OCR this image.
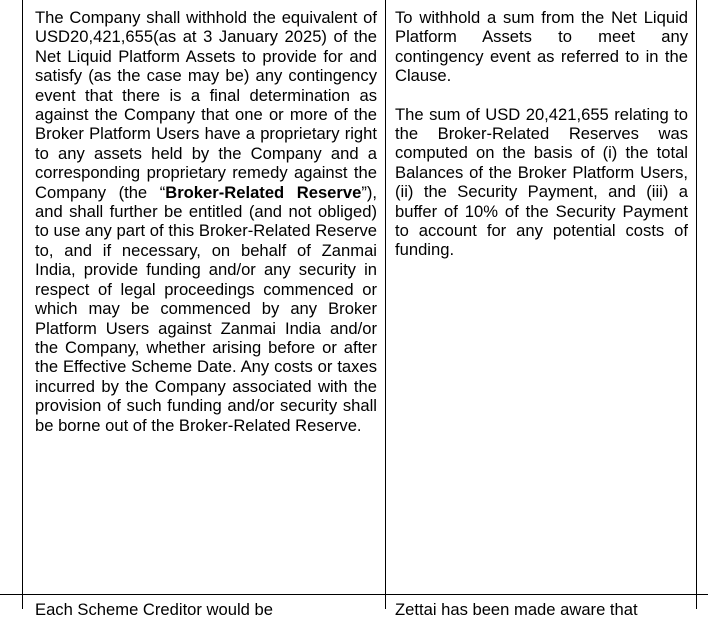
The Company shall withhold the equivalent of USD20,421,655(as at 3 January 2025) of the Net Liquid Platform Assets to provide for and satisfy (as the case may be) any contingency event that there is a final determination as against the Company that one or more of the Broker Platform Users have a proprietary right to any assets held by the Company and a corresponding proprietary remedy against the Company (the “Broker-Related Reserve”), and shall further be entitled (and not obliged) to use any part of this Broker-Related Reserve to, and if necessary, on behalf of Zanmai India, provide funding and/or any security in respect of legal proceedings commenced or which may be commenced by any Broker Platform Users against Zanmai India and/or the Company, whether arising before or after the Effective Scheme Date. Any costs or taxes incurred by the Company associated with the provision of such funding and/or security shall be borne out of the Broker-Related Reserve.

To withhold a sum from the Net Liquid Platform Assets to meet any contingency event as referred to in the Clause.

The sum of USD 20,421,655 relating to the Broker-Related Reserves was computed on the basis of (i) the total Balances of the Broker Platform Users, (ii) the Security Payment, and (iii) a buffer of 10% of the Security Payment to account for any potential costs of funding.

Each Scheme Creditor would be	Zettai has been made aware that
